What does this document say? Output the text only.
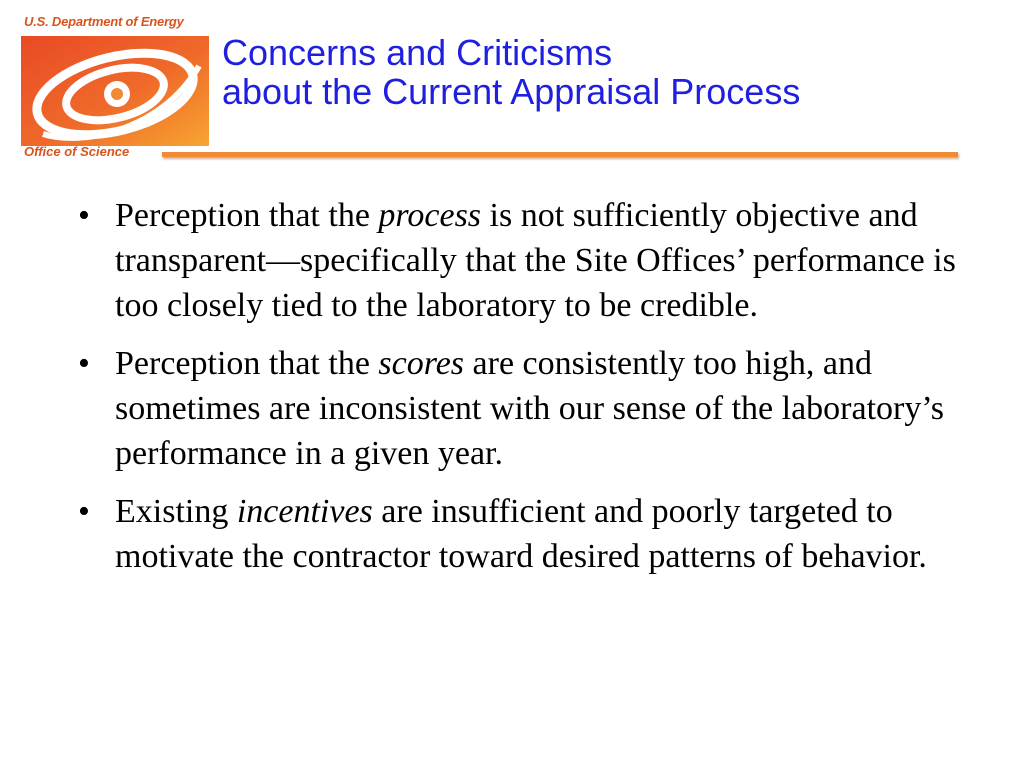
U.S. Department of Energy
Office of Science
Concerns and Criticisms
about the Current Appraisal Process
• Perception that the process is not sufficiently objective and transparent—specifically that the Site Offices’ performance is too closely tied to the laboratory to be credible.
• Perception that the scores are consistently too high, and sometimes are inconsistent with our sense of the laboratory’s performance in a given year.
• Existing incentives are insufficient and poorly targeted to motivate the contractor toward desired patterns of behavior.
